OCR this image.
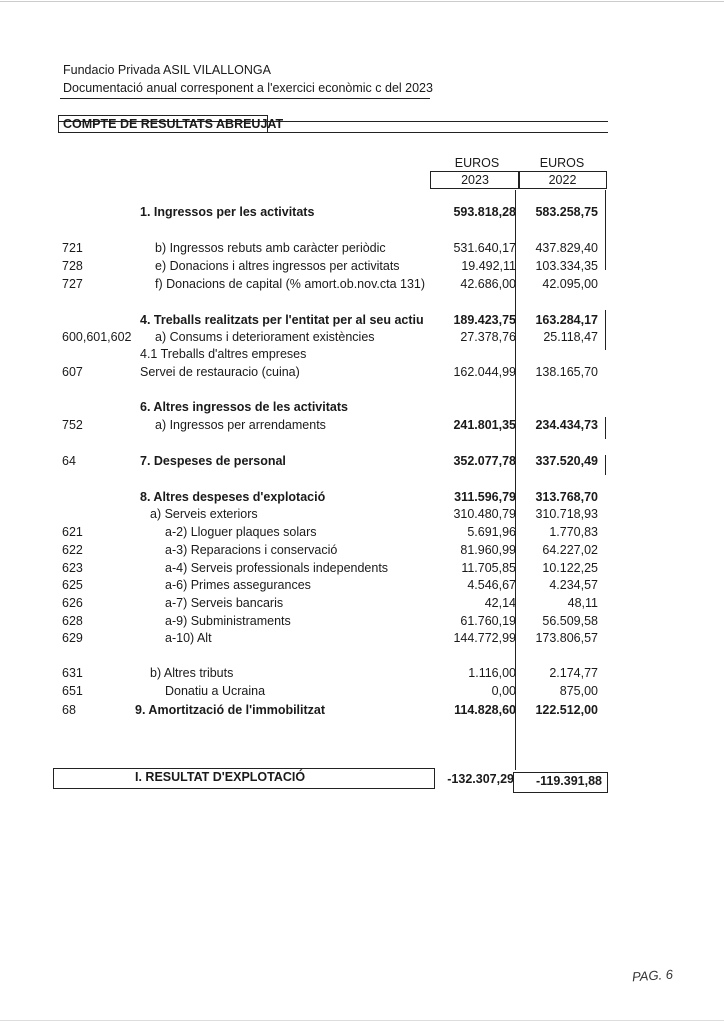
Fundacio Privada ASIL VILALLONGA
Documentació anual corresponent a l'exercici econòmic c del 2023
COMPTE DE RESULTATS ABREUJAT
EUROS	EUROS
2023	2022
1. Ingressos per les activitats	593.818,28 583.258,75
721	b) Ingressos rebuts amb caràcter periòdic	531.640,17 437.829,40
728	e) Donacions i altres ingressos per activitats	19.492,11 103.334,35
727	f) Donacions de capital (% amort.ob.nov.cta 131)	42.686,00 42.095,00
4. Treballs realitzats per l'entitat per al seu actiu 189.423,75 163.284,17
600,601,602 a) Consums i deteriorament existències	27.378,76 25.118,47
4.1 Treballs d'altres empreses
607	Servei de restauracio (cuina)	162.044,99 138.165,70
6. Altres ingressos de les activitats
752	a) Ingressos per arrendaments	241.801,35 234.434,73
64	7. Despeses de personal	352.077,78 337.520,49
8. Altres despeses d'explotació	311.596,79 313.768,70
a) Serveis exteriors	310.480,79 310.718,93
621	a-2) Lloguer plaques solars	5.691,96	1.770,83
622	a-3) Reparacions i conservació	81.960,99 64.227,02
623	a-4) Serveis professionals independents	11.705,85 10.122,25
625	a-6) Primes assegurances	4.546,67	4.234,57
626	a-7) Serveis bancaris	42,14	48,11
628	a-9) Subministraments	61.760,19 56.509,58
629	a-10) Alt	144.772,99 173.806,57
631	b) Altres tributs	1.116,00	2.174,77
651	Donatiu a Ucraina	0,00	875,00
68	9. Amortització de l'immobilitzat	114.828,60 122.512,00
I. RESULTAT D'EXPLOTACIÓ	-132.307,29 -119.391,88
PAG. 6
